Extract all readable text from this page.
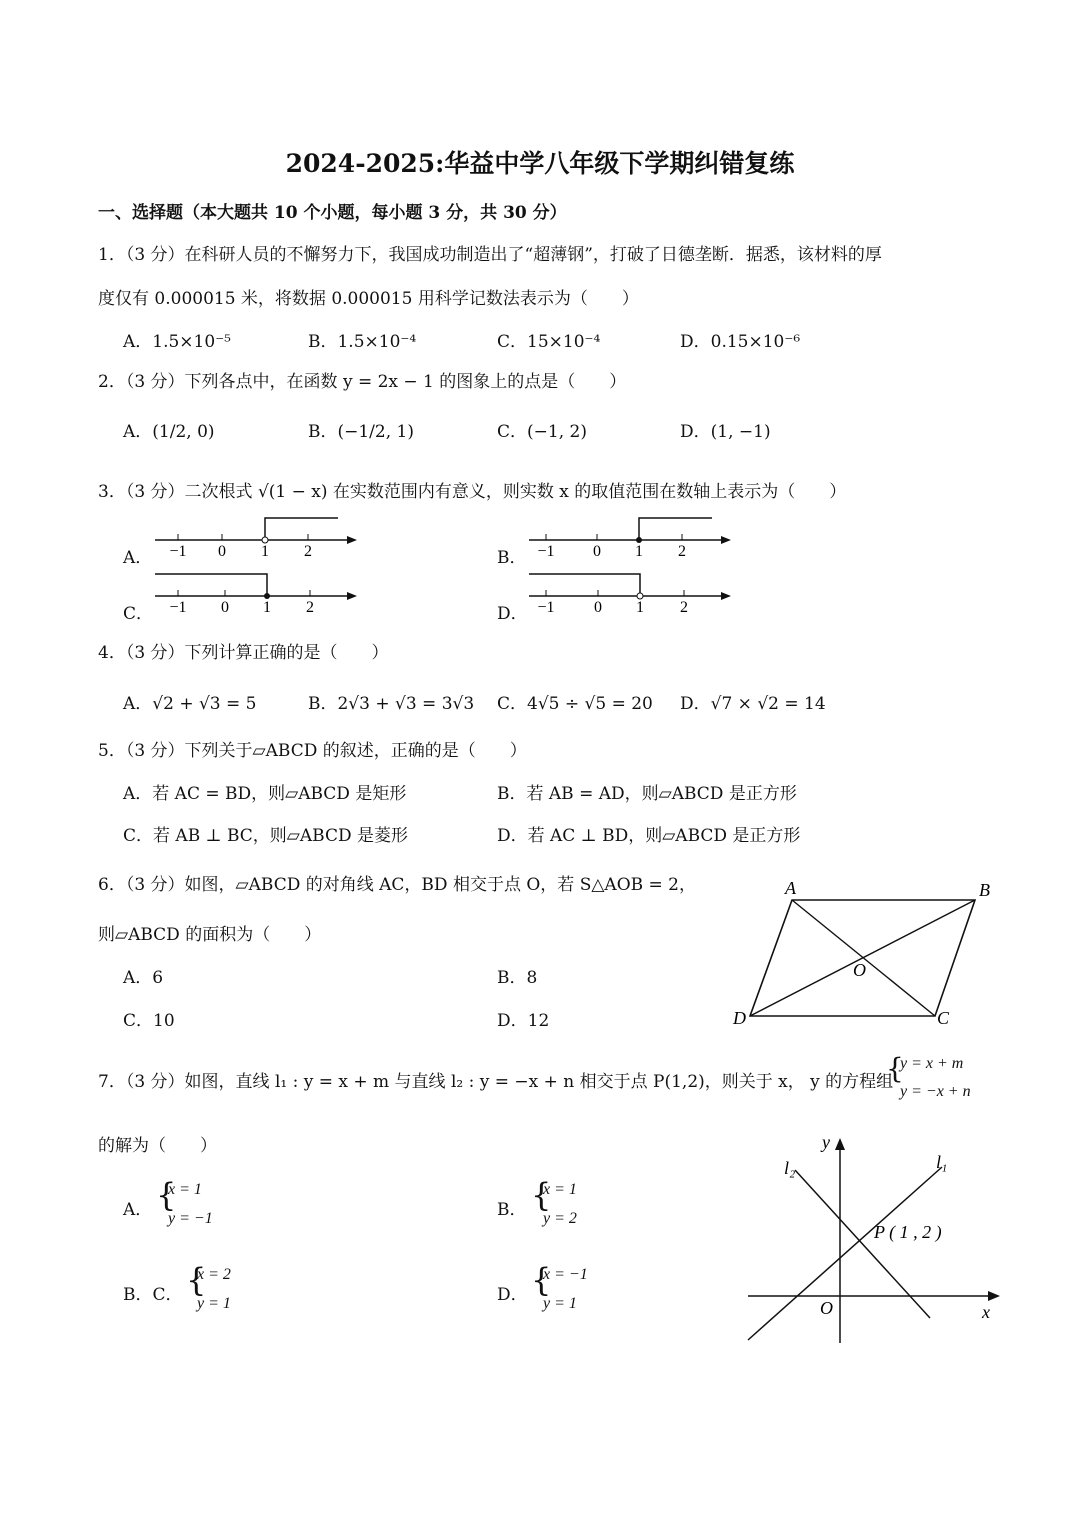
2024-2025:华益中学八年级下学期纠错复练
一、选择题（本大题共 10 个小题，每小题 3 分，共 30 分）
1．（3 分）在科研人员的不懈努力下，我国成功制造出了“超薄钢”，打破了日德垄断．据悉，该材料的厚
度仅有 0.000015 米，将数据 0.000015 用科学记数法表示为（　　）
A．1.5×10⁻⁵	B．1.5×10⁻⁴	C．15×10⁻⁴	D．0.15×10⁻⁶
2．（3 分）下列各点中，在函数 y = 2x − 1 的图象上的点是（　　）
A．(1/2, 0)	B．(−1/2, 1)	C．(−1, 2)	D．(1, −1)
3．（3 分）二次根式 √(1 − x) 在实数范围内有意义，则实数 x 的取值范围在数轴上表示为（　　）
A．	B．
C．	D．
−1 0 1 2	−1 0 1 2
−1 0 1 2	−1 0 1 2
4．（3 分）下列计算正确的是（　　）
A．√2 + √3 = 5	B．2√3 + √3 = 3√3 C．4√5 ÷ √5 = 20 D．√7 × √2 = 14
5．（3 分）下列关于▱ABCD 的叙述，正确的是（　　）
A．若 AC = BD，则▱ABCD 是矩形	B．若 AB = AD，则▱ABCD 是正方形
C．若 AB ⊥ BC，则▱ABCD 是菱形	D．若 AC ⊥ BD，则▱ABCD 是正方形
6．（3 分）如图，▱ABCD 的对角线 AC，BD 相交于点 O，若 S△AOB = 2，
则▱ABCD 的面积为（　　）
A．6	B．8
C．10	D．12
A	B
C
D
O
7．（3 分）如图，直线 l₁ : y = x + m 与直线 l₂ : y = −x + n 相交于点 P(1,2)，则关于 x， y 的方程组
{
y = x + m
y = −x + n
的解为（　　）
A． {
x = 1
y = −1	B． {
x = 1
y = 2
B．C． {
x = 2
y = 1	D． {
x = −1
y = 1
y
x
O
l₁
l₂
P ( 1 , 2 )
